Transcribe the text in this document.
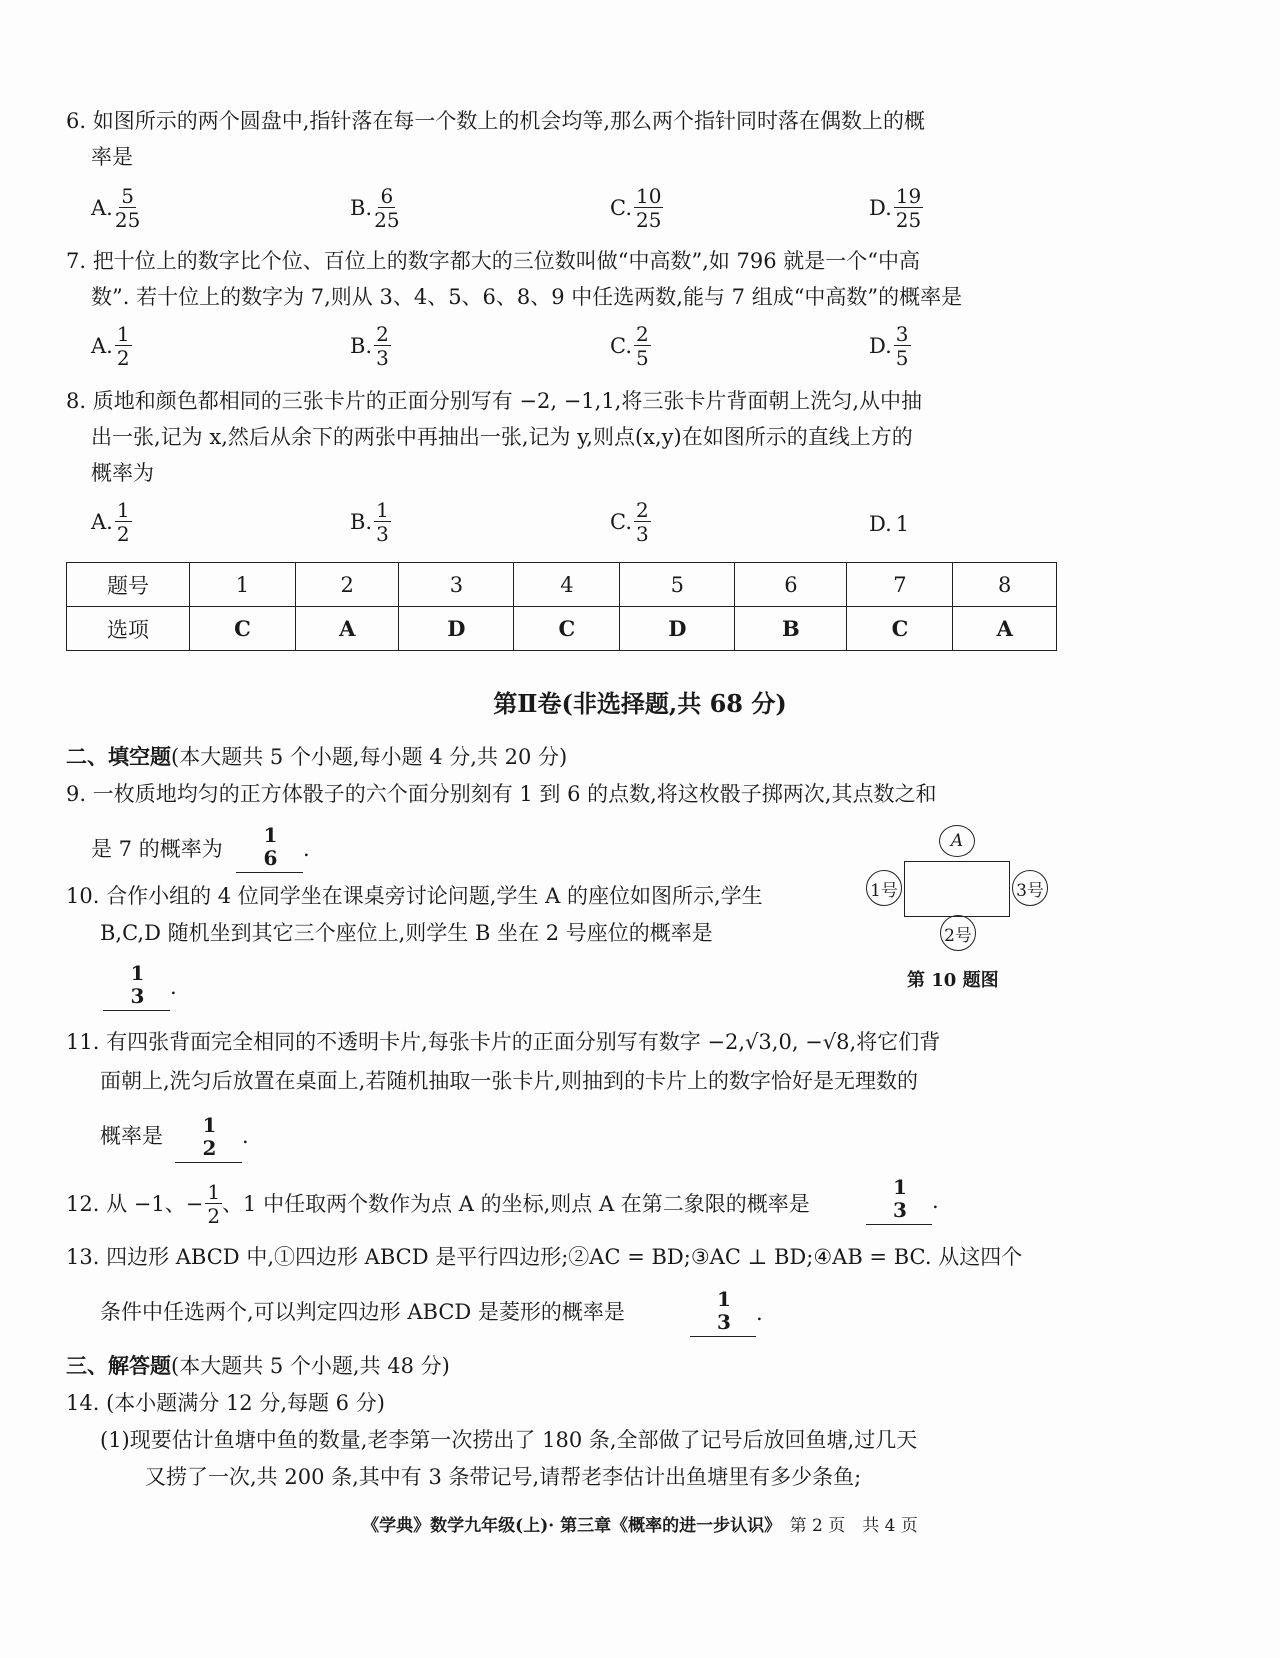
6. 如图所示的两个圆盘中,指针落在每一个数上的机会均等,那么两个指针同时落在偶数上的概
率是
A. $\frac{5}{25}$	B. $\frac{6}{25}$	C. $\frac{10}{25}$	D. $\frac{19}{25}$
7. 把十位上的数字比个位、百位上的数字都大的三位数叫做“中高数”,如 796 就是一个“中高
数”. 若十位上的数字为 7,则从 3、4、5、6、8、9 中任选两数,能与 7 组成“中高数”的概率是
A. $\frac{1}{2}$	B. $\frac{2}{3}$	C. $\frac{2}{5}$	D. $\frac{3}{5}$
8. 质地和颜色都相同的三张卡片的正面分别写有 −2, −1,1,将三张卡片背面朝上洗匀,从中抽
出一张,记为 x,然后从余下的两张中再抽出一张,记为 y,则点(x,y)在如图所示的直线上方的
概率为
A. $\frac{1}{2}$	B. $\frac{1}{3}$	C. $\frac{2}{3}$	D. 1
题号	1	2	3	4	5	6	7	8
选项	C	A	D	C	D	B	C	A
第Ⅱ卷(非选择题,共 68 分)
二、填空题(本大题共 5 个小题,每小题 4 分,共 20 分)
9. 一枚质地均匀的正方体骰子的六个面分别刻有 1 到 6 的点数,将这枚骰子掷两次,其点数之和
是 7 的概率为
1
6 .
10. 合作小组的 4 位同学坐在课桌旁讨论问题,学生 A 的座位如图所示,学生
B,C,D 随机坐到其它三个座位上,则学生 B 坐在 2 号座位的概率是
1
3 .
A
1号	3号
2号
第 10 题图
11. 有四张背面完全相同的不透明卡片,每张卡片的正面分别写有数字 −2,√3,0, −√8,将它们背
面朝上,洗匀后放置在桌面上,若随机抽取一张卡片,则抽到的卡片上的数字恰好是无理数的
概率是 1
2 .
12. 从 −1、− $\frac{1}{2}$ 、1 中任取两个数作为点 A 的坐标,则点 A 在第二象限的概率是
1
3 .
13. 四边形 ABCD 中,①四边形 ABCD 是平行四边形;②AC = BD;③AC ⊥ BD;④AB = BC. 从这四个
条件中任选两个,可以判定四边形 ABCD 是菱形的概率是
1
3 .
三、解答题(本大题共 5 个小题,共 48 分)
14. (本小题满分 12 分,每题 6 分)
(1)现要估计鱼塘中鱼的数量,老李第一次捞出了 180 条,全部做了记号后放回鱼塘,过几天
又捞了一次,共 200 条,其中有 3 条带记号,请帮老李估计出鱼塘里有多少条鱼;
《学典》数学九年级(上)· 第三章《概率的进一步认识》　 第 2 页　共 4 页
